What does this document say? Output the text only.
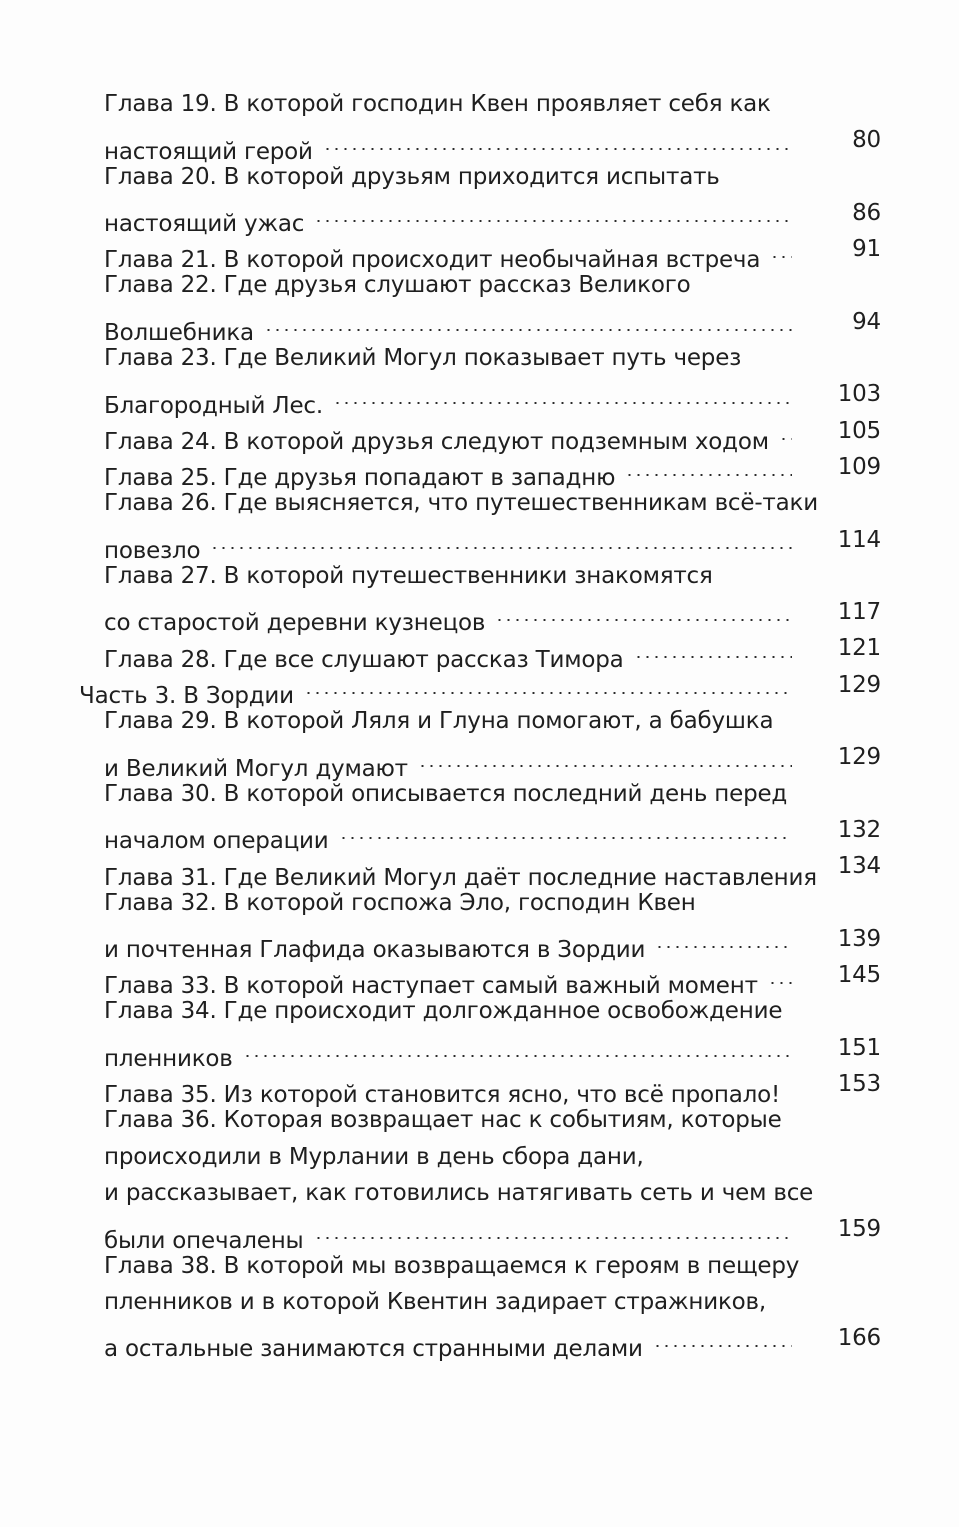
Глава 19. В которой господин Квен проявляет себя как
настоящий герой	80
Глава 20. В которой друзьям приходится испытать
настоящий ужас	86
Глава 21. В которой происходит необычайная встреча	91
Глава 22. Где друзья слушают рассказ Великого
Волшебника	94
Глава 23. Где Великий Могул показывает путь через
Благородный Лес.	103
Глава 24. В которой друзья следуют подземным ходом	105
Глава 25. Где друзья попадают в западню	109
Глава 26. Где выясняется, что путешественникам всё-таки
повезло	114
Глава 27. В которой путешественники знакомятся
со старостой деревни кузнецов	117
Глава 28. Где все слушают рассказ Тимора	121
Часть 3. В Зордии	129
Глава 29. В которой Ляля и Глуна помогают, а бабушка
и Великий Могул думают	129
Глава 30. В которой описывается последний день перед
началом операции	132
Глава 31. Где Великий Могул даёт последние наставления 134
Глава 32. В которой госпожа Эло, господин Квен
и почтенная Глафида оказываются в Зордии	139
Глава 33. В которой наступает самый важный момент	145
Глава 34. Где происходит долгожданное освобождение
пленников	151
Глава 35. Из которой становится ясно, что всё пропало!	153
Глава 36. Которая возвращает нас к событиям, которые
происходили в Мурлании в день сбора дани,
и рассказывает, как готовились натягивать сеть и чем все
были опечалены	159
Глава 38. В которой мы возвращаемся к героям в пещеру
пленников и в которой Квентин задирает стражников,
а остальные занимаются странными делами	166
